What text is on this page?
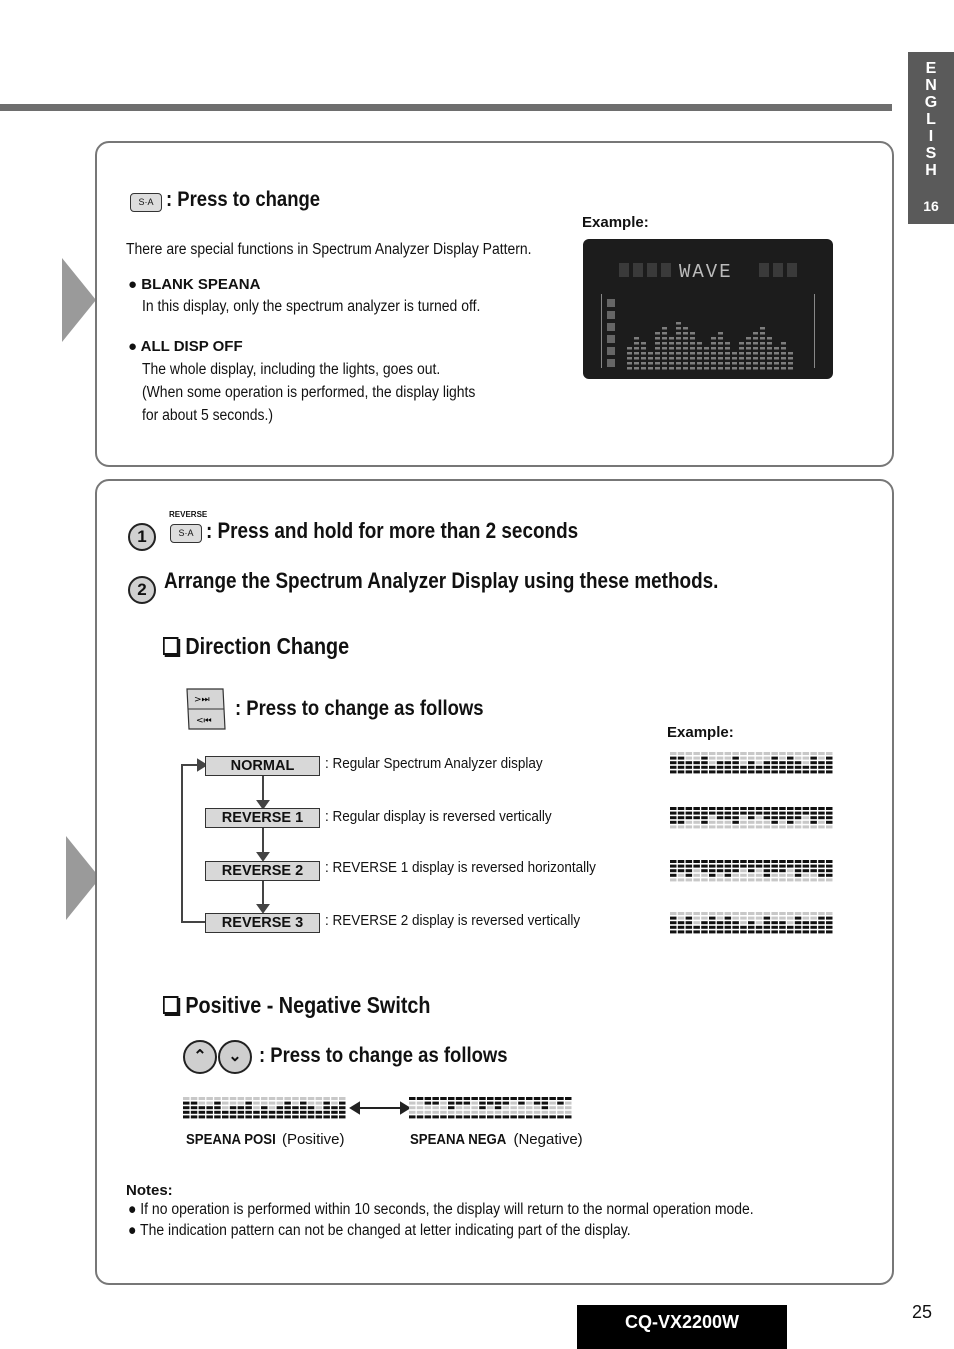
E
N
G
L
I
S
H
16
S·A : Press to change
There are special functions in Spectrum Analyzer Display Pattern.
● BLANK SPEANA
In this display, only the spectrum analyzer is turned off.
● ALL DISP OFF
The whole display, including the lights, goes out.
(When some operation is performed, the display lights
for about 5 seconds.)
Example:
WAVE
REVERSE
1	S·A : Press and hold for more than 2 seconds
2 Arrange the Spectrum Analyzer Display using these methods.
Direction Change
>⏭
<⏮
: Press to change as follows
Example:
NORMAL	: Regular Spectrum Analyzer display
REVERSE 1	: Regular display is reversed vertically
REVERSE 2	: REVERSE 1 display is reversed horizontally
REVERSE 3	: REVERSE 2 display is reversed vertically
Positive - Negative Switch
⌃	⌄ : Press to change as follows
SPEANA POSI (Positive)	SPEANA NEGA (Negative)
Notes:
● If no operation is performed within 10 seconds, the display will return to the normal operation mode.
● The indication pattern can not be changed at letter indicating part of the display.
CQ-VX2200W	25
